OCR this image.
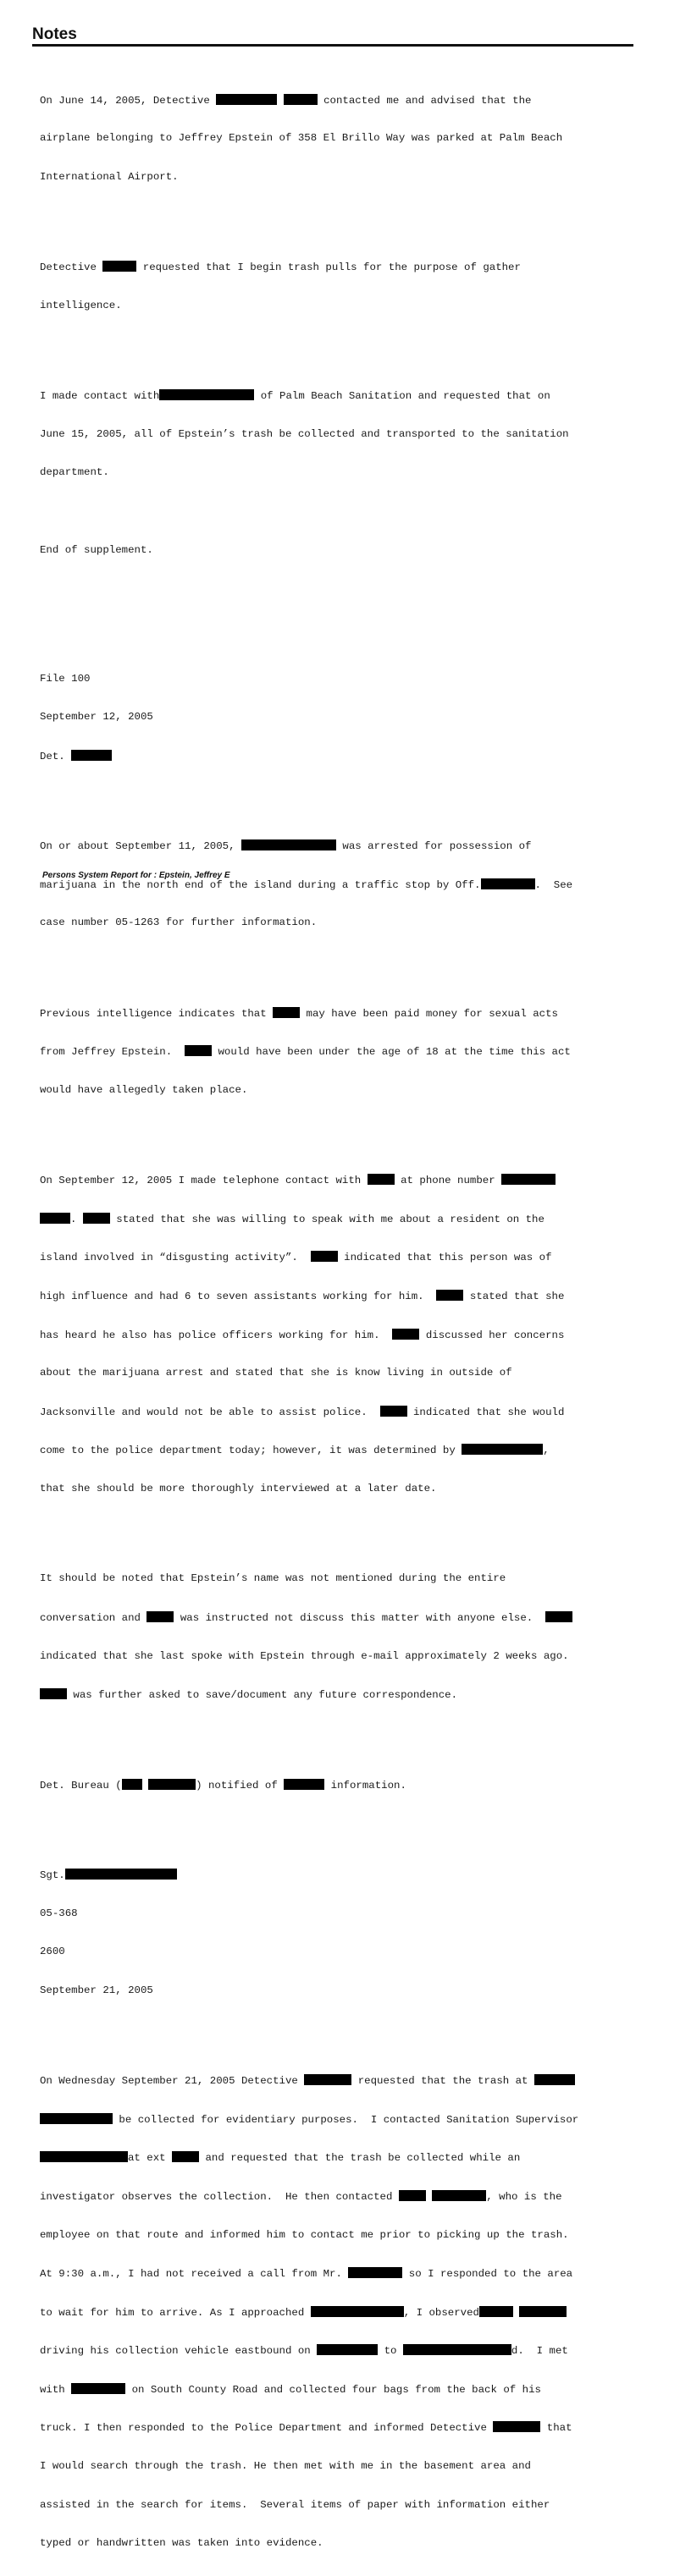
Notes

On June 14, 2005, Detective	contacted me and advised that the

airplane belonging to Jeffrey Epstein of 358 El Brillo Way was parked at Palm Beach

International Airport.

Detective	requested that I begin trash pulls for the purpose of gather

intelligence.

I made contact with	of Palm Beach Sanitation and requested that on

June 15, 2005, all of Epstein’s trash be collected and transported to the sanitation

department.

End of supplement.

File 100

September 12, 2005

Det.

On or about September 11, 2005,	was arrested for possession of

marijuana in the north end of the island during a traffic stop by Off.	.  See

case number 05-1263 for further information.

Previous intelligence indicates that	may have been paid money for sexual acts

from Jeffrey Epstein.	would have been under the age of 18 at the time this act

would have allegedly taken place.

On September 12, 2005 I made telephone contact with	at phone number

.	stated that she was willing to speak with me about a resident on the

island involved in “disgusting activity”.	indicated that this person was of

high influence and had 6 to seven assistants working for him.	stated that she

has heard he also has police officers working for him.	discussed her concerns

about the marijuana arrest and stated that she is know living in outside of

Jacksonville and would not be able to assist police.	indicated that she would

come to the police department today; however, it was determined by	,

that she should be more thoroughly interviewed at a later date.

It should be noted that Epstein’s name was not mentioned during the entire

conversation and	was instructed not discuss this matter with anyone else.

indicated that she last spoke with Epstein through e-mail approximately 2 weeks ago.

was further asked to save/document any future correspondence.

Det. Bureau (	) notified of	information.

Sgt.

05-368

2600

September 21, 2005

On Wednesday September 21, 2005 Detective	requested that the trash at

be collected for evidentiary purposes.  I contacted Sanitation Supervisor

at ext	and requested that the trash be collected while an

investigator observes the collection.  He then contacted	, who is the

employee on that route and informed him to contact me prior to picking up the trash.

At 9:30 a.m., I had not received a call from Mr.	so I responded to the area

to wait for him to arrive. As I approached	, I observed

driving his collection vehicle eastbound on	to	d.  I met

with	on South County Road and collected four bags from the back of his

truck. I then responded to the Police Department and informed Detective	that

I would search through the trash. He then met with me in the basement area and

assisted in the search for items.  Several items of paper with information either

typed or handwritten was taken into evidence.

Persons System Report for : Epstein, Jeffrey E
